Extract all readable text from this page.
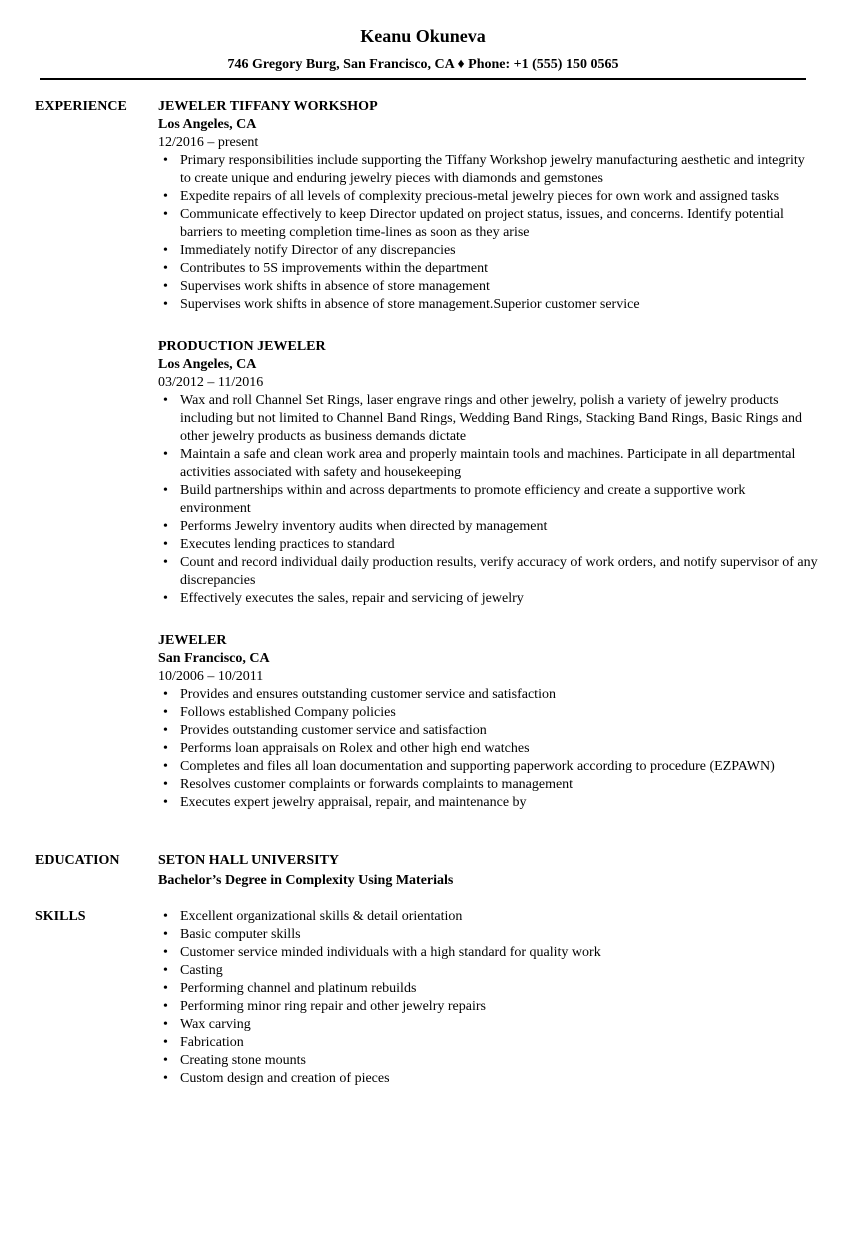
Keanu Okuneva
746 Gregory Burg, San Francisco, CA ♦ Phone: +1 (555) 150 0565
EXPERIENCE JEWELER TIFFANY WORKSHOP
Los Angeles, CA
12/2016 – present
• Primary responsibilities include supporting the Tiffany Workshop jewelry manufacturing aesthetic and integrity to create unique and enduring jewelry pieces with diamonds and gemstones
• Expedite repairs of all levels of complexity precious-metal jewelry pieces for own work and assigned tasks
• Communicate effectively to keep Director updated on project status, issues, and concerns. Identify potential barriers to meeting completion time-lines as soon as they arise
• Immediately notify Director of any discrepancies
• Contributes to 5S improvements within the department
• Supervises work shifts in absence of store management
• Supervises work shifts in absence of store management.Superior customer service
PRODUCTION JEWELER
Los Angeles, CA
03/2012 – 11/2016
• Wax and roll Channel Set Rings, laser engrave rings and other jewelry, polish a variety of jewelry products including but not limited to Channel Band Rings, Wedding Band Rings, Stacking Band Rings, Basic Rings and other jewelry products as business demands dictate
• Maintain a safe and clean work area and properly maintain tools and machines. Participate in all departmental activities associated with safety and housekeeping
• Build partnerships within and across departments to promote efficiency and create a supportive work environment
• Performs Jewelry inventory audits when directed by management
• Executes lending practices to standard
• Count and record individual daily production results, verify accuracy of work orders, and notify supervisor of any discrepancies
• Effectively executes the sales, repair and servicing of jewelry
JEWELER
San Francisco, CA
10/2006 – 10/2011
• Provides and ensures outstanding customer service and satisfaction
• Follows established Company policies
• Provides outstanding customer service and satisfaction
• Performs loan appraisals on Rolex and other high end watches
• Completes and files all loan documentation and supporting paperwork according to procedure (EZPAWN)
• Resolves customer complaints or forwards complaints to management
• Executes expert jewelry appraisal, repair, and maintenance by
EDUCATION	SETON HALL UNIVERSITY
Bachelor’s Degree in Complexity Using Materials
SKILLS
•	Excellent organizational skills & detail orientation
• Basic computer skills
• Customer service minded individuals with a high standard for quality work
• Casting
• Performing channel and platinum rebuilds
• Performing minor ring repair and other jewelry repairs
• Wax carving
• Fabrication
• Creating stone mounts
• Custom design and creation of pieces
